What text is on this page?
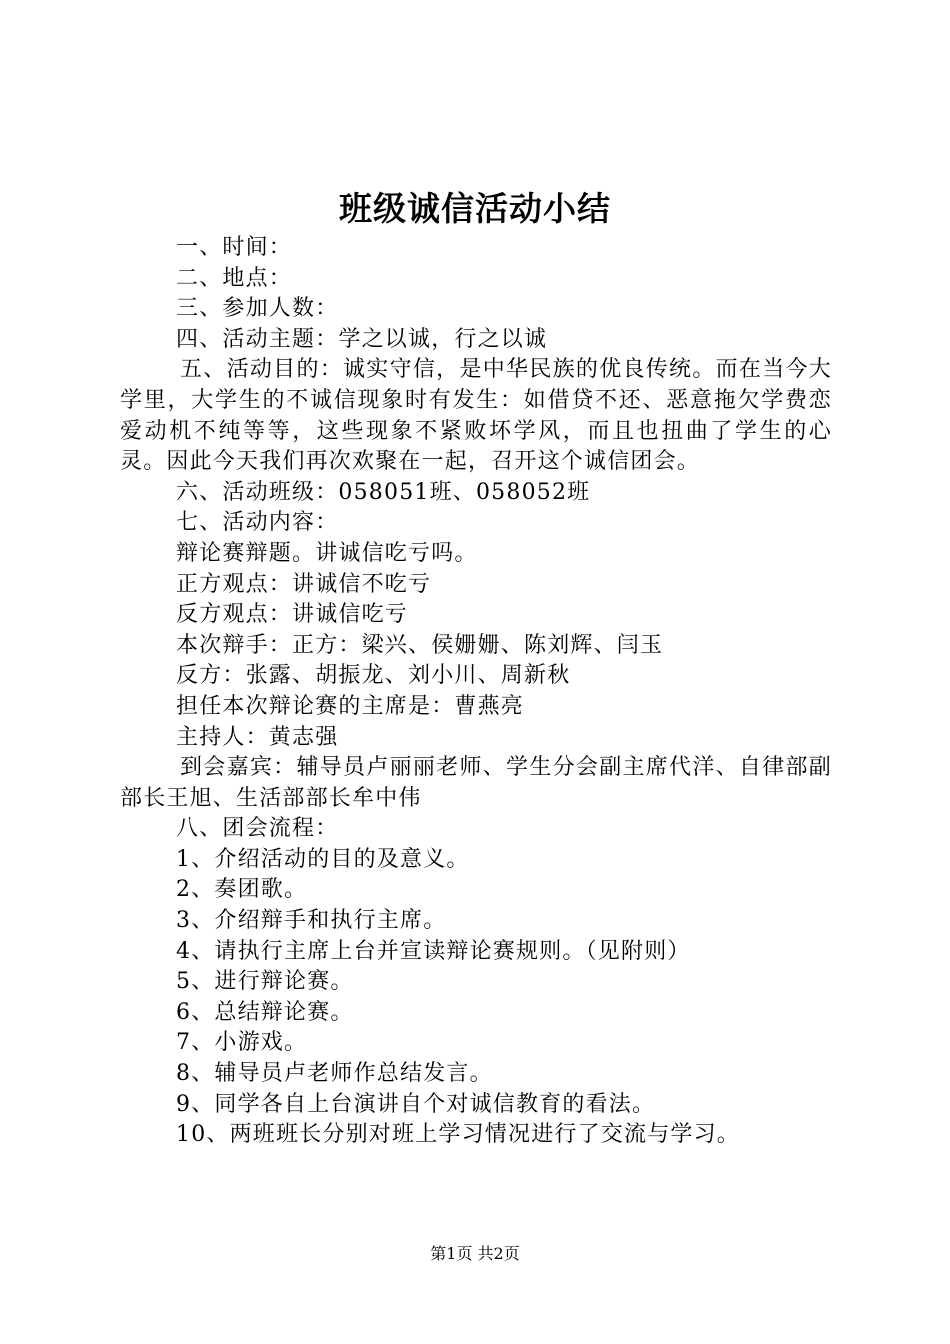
班级诚信活动小结
一、时间：
二、地点：
三、参加人数：
四、活动主题：学之以诚，行之以诚
五、活动目的：诚实守信，是中华民族的优良传统。而在当今大学里，大学生的不诚信现象时有发生：如借贷不还、恶意拖欠学费恋爱动机不纯等等，这些现象不紧败坏学风，而且也扭曲了学生的心灵。因此今天我们再次欢聚在一起，召开这个诚信团会。
六、活动班级：058051班、058052班
七、活动内容：
辩论赛辩题。讲诚信吃亏吗。
正方观点：讲诚信不吃亏
反方观点：讲诚信吃亏
本次辩手：正方：梁兴、侯姗姗、陈刘辉、闫玉
反方：张露、胡振龙、刘小川、周新秋
担任本次辩论赛的主席是：曹燕亮
主持人：黄志强
到会嘉宾：辅导员卢丽丽老师、学生分会副主席代洋、自律部副部长王旭、生活部部长牟中伟
八、团会流程：
1、介绍活动的目的及意义。
2、奏团歌。
3、介绍辩手和执行主席。
4、请执行主席上台并宣读辩论赛规则。（见附则）
5、进行辩论赛。
6、总结辩论赛。
7、小游戏。
8、辅导员卢老师作总结发言。
9、同学各自上台演讲自个对诚信教育的看法。
10、两班班长分别对班上学习情况进行了交流与学习。
第1页 共2页
